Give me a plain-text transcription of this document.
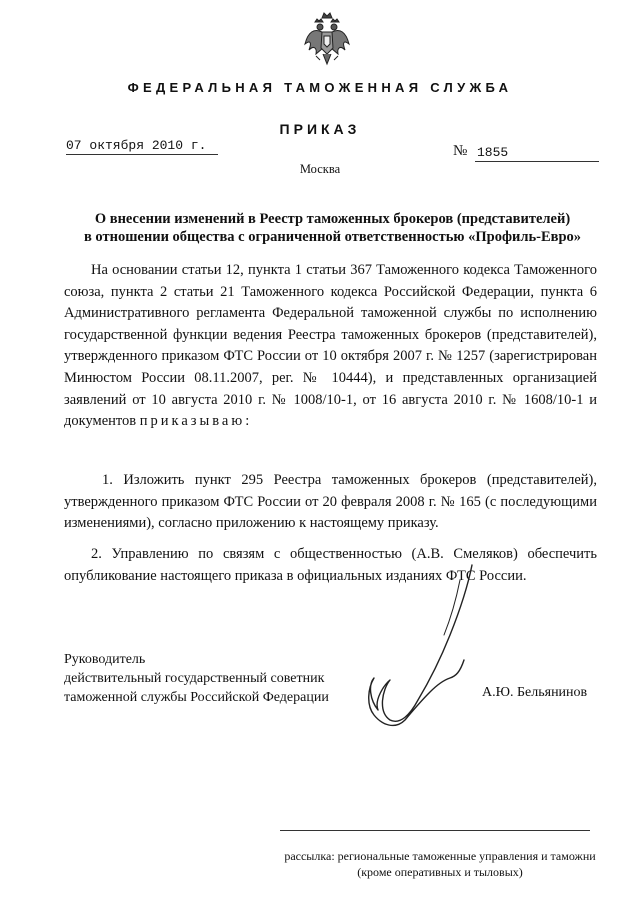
ФЕДЕРАЛЬНАЯ ТАМОЖЕННАЯ СЛУЖБА
ПРИКАЗ
07 октября 2010 г.	№ 1855
Москва
О внесении изменений в Реестр таможенных брокеров (представителей)
в отношении общества с ограниченной ответственностью «Профиль-Евро»
На основании статьи 12, пункта 1 статьи 367 Таможенного кодекса Таможенного союза, пункта 2 статьи 21 Таможенного кодекса Российской Федерации, пункта 6 Административного регламента Федеральной таможенной службы по исполнению государственной функции ведения Реестра таможенных брокеров (представителей), утвержденного приказом ФТС России от 10 октября 2007 г. № 1257 (зарегистрирован Минюстом России 08.11.2007, рег. № 10444), и представленных организацией заявлений от 10 августа 2010 г. № 1008/10-1, от 16 августа 2010 г. № 1608/10-1 и документов приказываю:
1. Изложить пункт 295 Реестра таможенных брокеров (представителей), утвержденного приказом ФТС России от 20 февраля 2008 г. № 165 (с последующими изменениями), согласно приложению к настоящему приказу.
2. Управлению по связям с общественностью (А.В. Смеляков) обеспечить опубликование настоящего приказа в официальных изданиях ФТС России.
Руководитель
действительный государственный советник
таможенной службы Российской Федерации	А.Ю. Бельянинов
рассылка: региональные таможенные управления и таможни
(кроме оперативных и тыловых)
